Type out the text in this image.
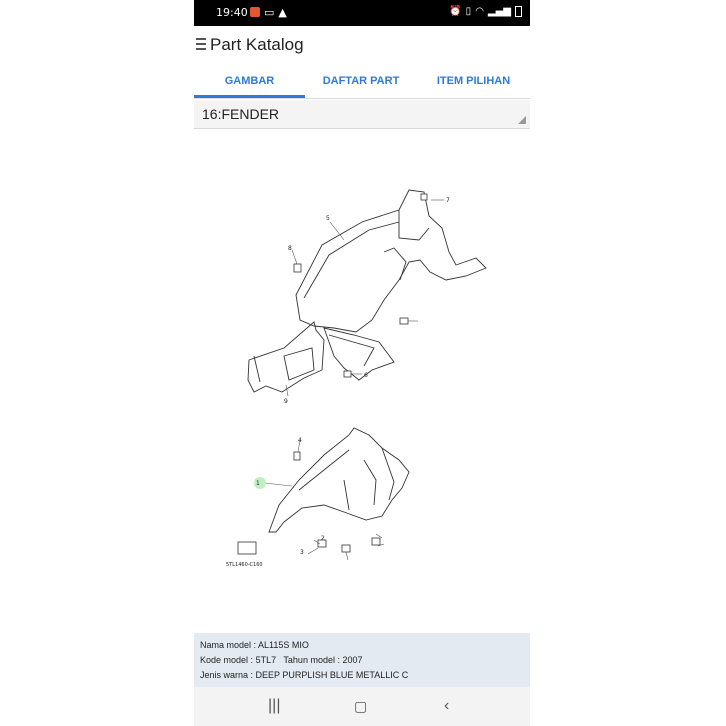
19:40 ▭ ▲	⏰ ▯ ◠ ▂▄▆
Part Katalog
GAMBAR	DAFTAR PART	ITEM PILIHAN
16:FENDER
1
2
3
4
5
6
7
8
9
5TL1460-C160
Nama model : AL115S MIO
Kode model : 5TL7 Tahun model : 2007
Jenis warna : DEEP PURPLISH BLUE METALLIC C
|||	▢	‹
